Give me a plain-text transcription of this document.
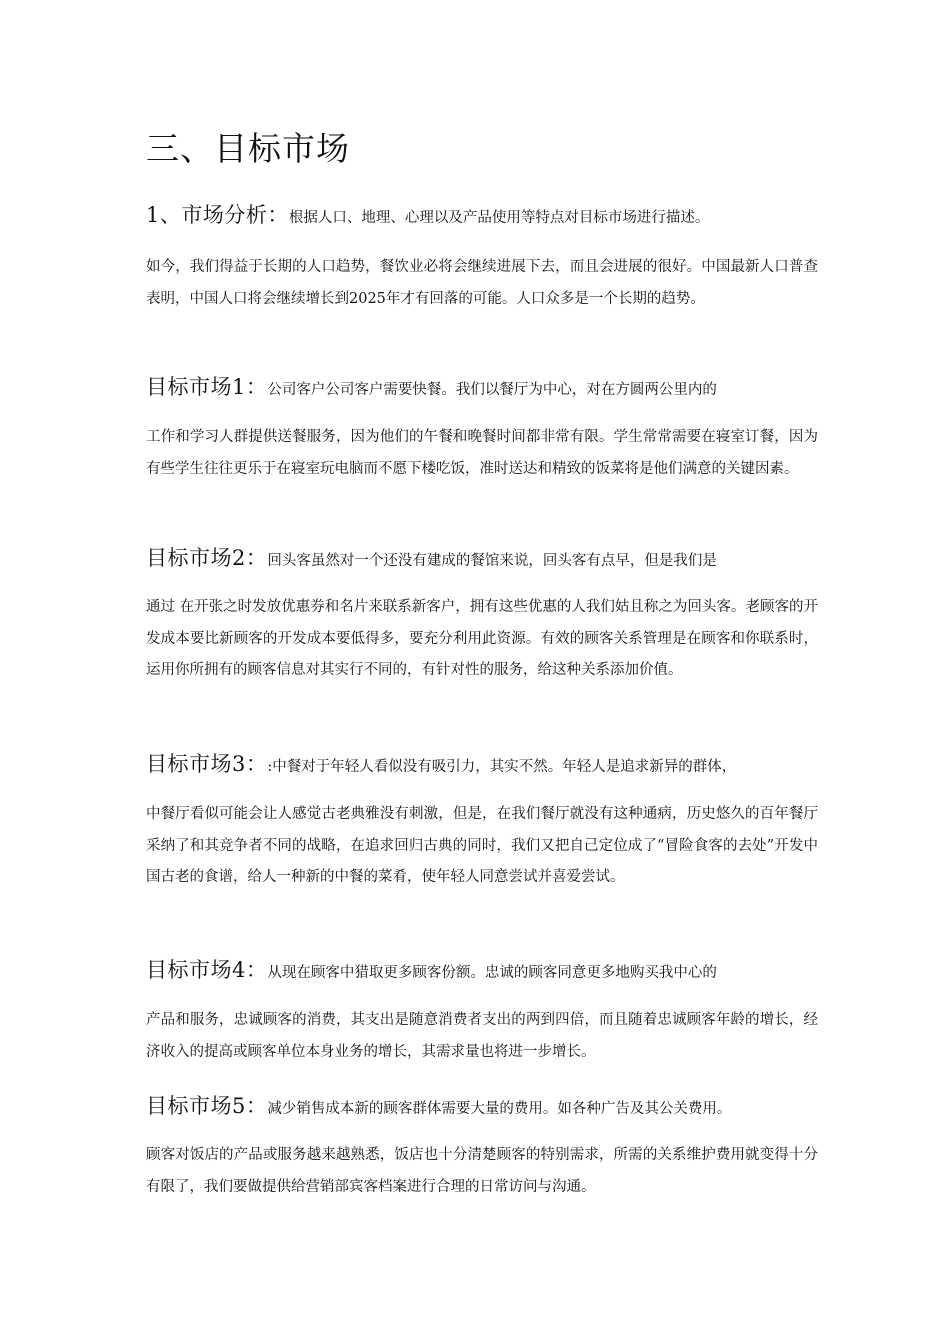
三、目标市场
1、市场分析：根据人口、地理、心理以及产品使用等特点对目标市场进行描述。

如今，我们得益于长期的人口趋势，餐饮业必将会继续进展下去，而且会进展的很好。中国最新人口普查表明，中国人口将会继续增长到2025年才有回落的可能。人口众多是一个长期的趋势。

目标市场1：公司客户公司客户需要快餐。我们以餐厅为中心，对在方圆两公里内的

工作和学习人群提供送餐服务，因为他们的午餐和晚餐时间都非常有限。学生常常需要在寝室订餐，因为有些学生往往更乐于在寝室玩电脑而不愿下楼吃饭，准时送达和精致的饭菜将是他们满意的关键因素。

目标市场2：回头客虽然对一个还没有建成的餐馆来说，回头客有点早，但是我们是

通过 在开张之时发放优惠券和名片来联系新客户，拥有这些优惠的人我们姑且称之为回头客。老顾客的开发成本要比新顾客的开发成本要低得多，要充分利用此资源。有效的顾客关系管理是在顾客和你联系时，运用你所拥有的顾客信息对其实行不同的，有针对性的服务，给这种关系添加价值。

目标市场3：:中餐对于年轻人看似没有吸引力，其实不然。年轻人是追求新异的群体，

中餐厅看似可能会让人感觉古老典雅没有刺激，但是，在我们餐厅就没有这种通病，历史悠久的百年餐厅采纳了和其竞争者不同的战略，在追求回归古典的同时，我们又把自己定位成了“冒险食客的去处”开发中国古老的食谱，给人一种新的中餐的菜肴，使年轻人同意尝试并喜爱尝试。

目标市场4：从现在顾客中猎取更多顾客份额。忠诚的顾客同意更多地购买我中心的

产品和服务，忠诚顾客的消费，其支出是随意消费者支出的两到四倍，而且随着忠诚顾客年龄的增长，经济收入的提高或顾客单位本身业务的增长，其需求量也将进一步增长。

目标市场5：减少销售成本新的顾客群体需要大量的费用。如各种广告及其公关费用。

顾客对饭店的产品或服务越来越熟悉，饭店也十分清楚顾客的特别需求，所需的关系维护费用就变得十分有限了，我们要做提供给营销部宾客档案进行合理的日常访问与沟通。
